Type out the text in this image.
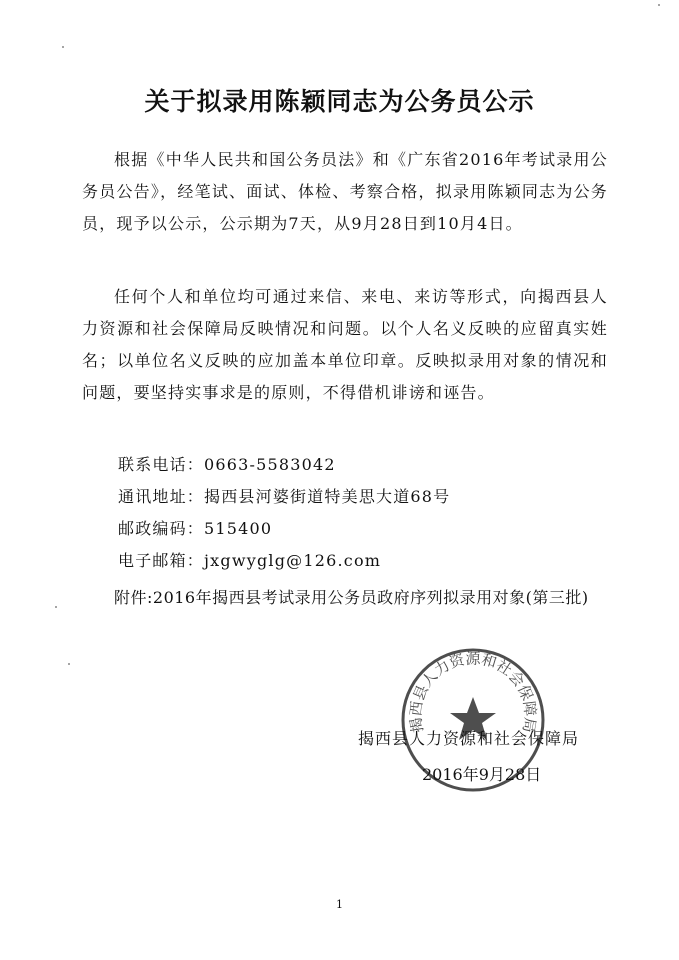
关于拟录用陈颖同志为公务员公示

根据《中华人民共和国公务员法》和《广东省2016年考试录用公务员公告》，经笔试、面试、体检、考察合格，拟录用陈颖同志为公务员，现予以公示，公示期为7天，从9月28日到10月4日。

任何个人和单位均可通过来信、来电、来访等形式，向揭西县人力资源和社会保障局反映情况和问题。以个人名义反映的应留真实姓名；以单位名义反映的应加盖本单位印章。反映拟录用对象的情况和问题，要坚持实事求是的原则，不得借机诽谤和诬告。

联系电话：0663-5583042
通讯地址：揭西县河婆街道特美思大道68号
邮政编码：515400
电子邮箱：jxgwyglg@126.com

附件:2016年揭西县考试录用公务员政府序列拟录用对象(第三批)

揭西县人力资源和社会保障局
揭西县人力资源和社会保障局
2016年9月28日
1
